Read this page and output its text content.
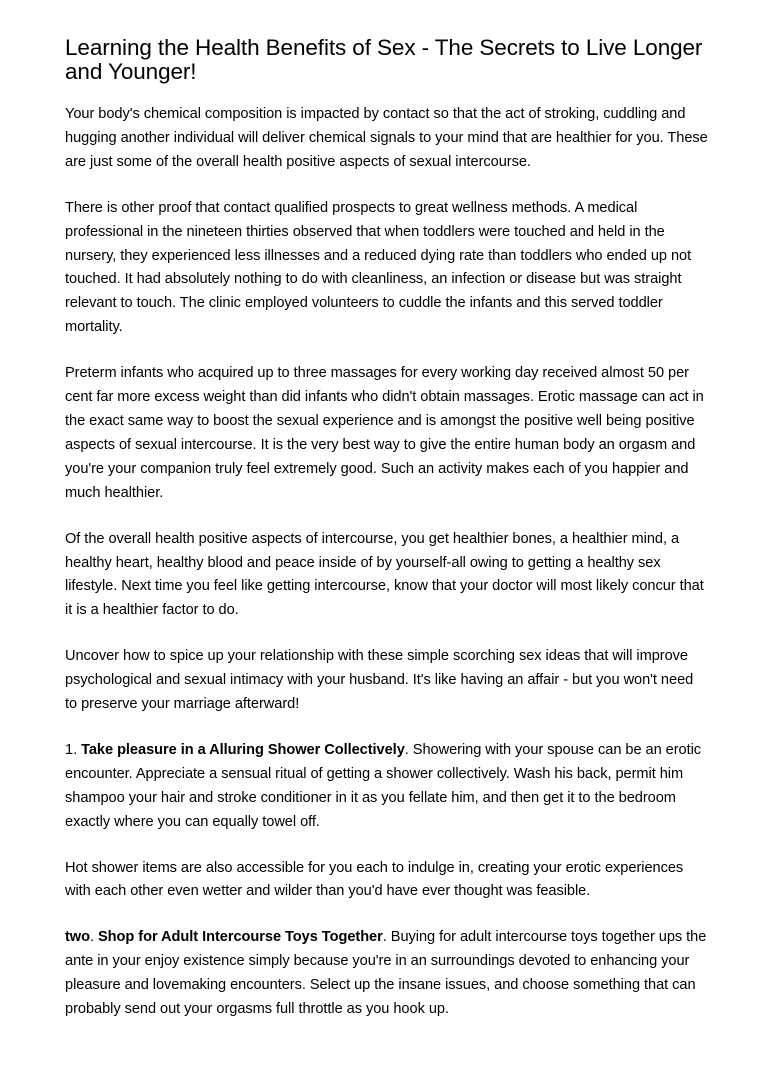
Learning the Health Benefits of Sex - The Secrets to Live Longer and Younger!

Your body's chemical composition is impacted by contact so that the act of stroking, cuddling and hugging another individual will deliver chemical signals to your mind that are healthier for you. These are just some of the overall health positive aspects of sexual intercourse.

There is other proof that contact qualified prospects to great wellness methods. A medical professional in the nineteen thirties observed that when toddlers were touched and held in the nursery, they experienced less illnesses and a reduced dying rate than toddlers who ended up not touched. It had absolutely nothing to do with cleanliness, an infection or disease but was straight relevant to touch. The clinic employed volunteers to cuddle the infants and this served toddler mortality.

Preterm infants who acquired up to three massages for every working day received almost 50 per cent far more excess weight than did infants who didn't obtain massages. Erotic massage can act in the exact same way to boost the sexual experience and is amongst the positive well being positive aspects of sexual intercourse. It is the very best way to give the entire human body an orgasm and you're your companion truly feel extremely good. Such an activity makes each of you happier and much healthier.

Of the overall health positive aspects of intercourse, you get healthier bones, a healthier mind, a healthy heart, healthy blood and peace inside of by yourself-all owing to getting a healthy sex lifestyle. Next time you feel like getting intercourse, know that your doctor will most likely concur that it is a healthier factor to do.

Uncover how to spice up your relationship with these simple scorching sex ideas that will improve psychological and sexual intimacy with your husband. It's like having an affair - but you won't need to preserve your marriage afterward!

1. Take pleasure in a Alluring Shower Collectively. Showering with your spouse can be an erotic encounter. Appreciate a sensual ritual of getting a shower collectively. Wash his back, permit him shampoo your hair and stroke conditioner in it as you fellate him, and then get it to the bedroom exactly where you can equally towel off.

Hot shower items are also accessible for you each to indulge in, creating your erotic experiences with each other even wetter and wilder than you'd have ever thought was feasible.

two. Shop for Adult Intercourse Toys Together. Buying for adult intercourse toys together ups the ante in your enjoy existence simply because you're in an surroundings devoted to enhancing your pleasure and lovemaking encounters. Select up the insane issues, and choose something that can probably send out your orgasms full throttle as you hook up.
